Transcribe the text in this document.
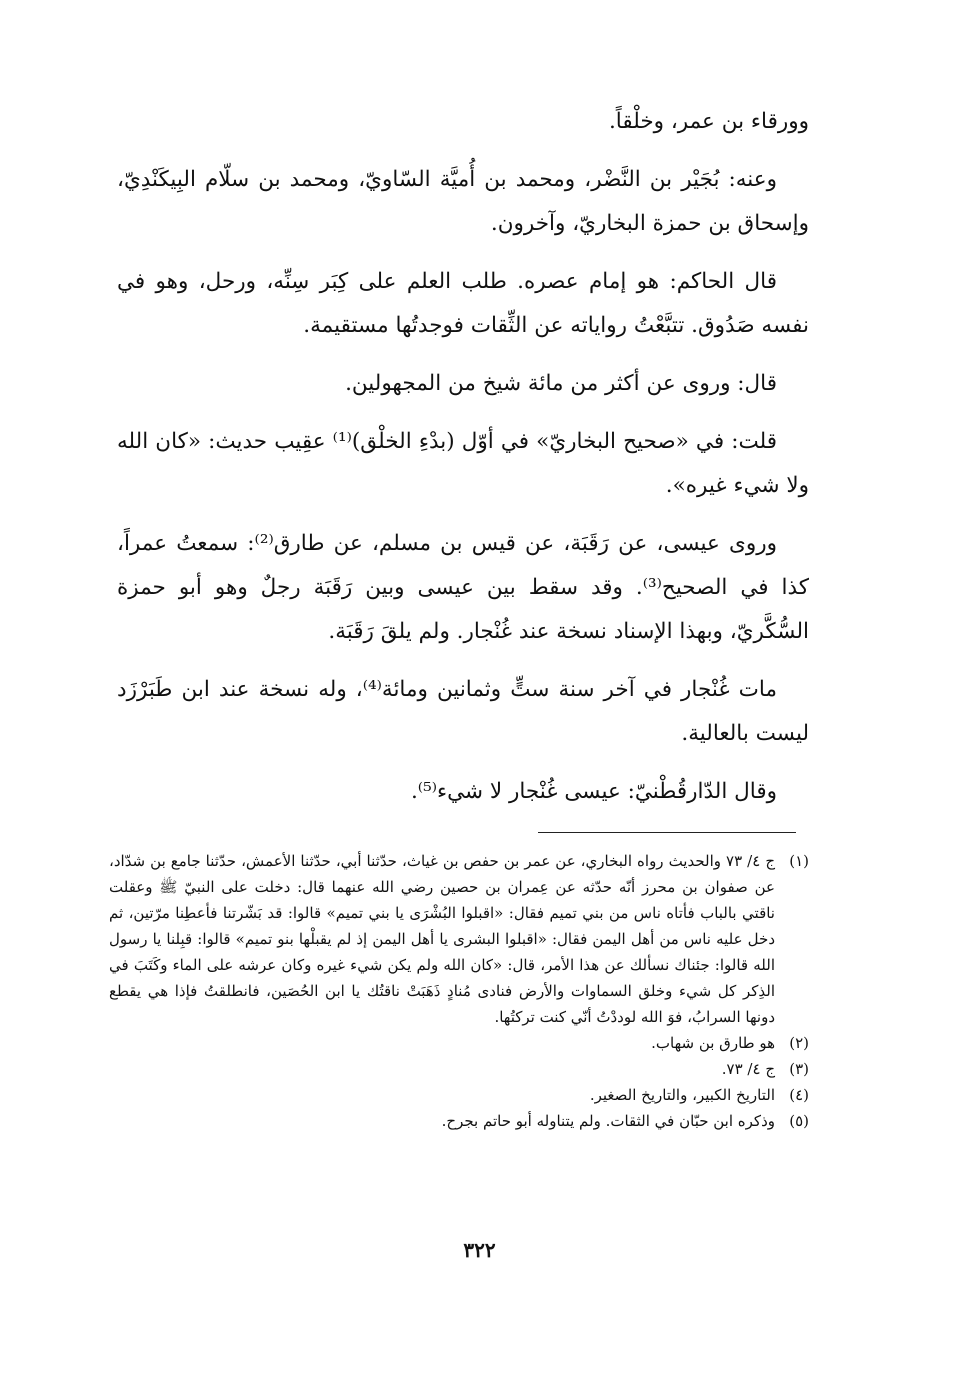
وورقاء بن عمر، وخلْقاً.

وعنه: بُجَيْر بن النَّضْر، ومحمد بن أُميَّة السّاويّ، ومحمد بن سلّام البِيكَنْدِيّ، وإسحاق بن حمزة البخاريّ، وآخرون.

قال الحاكم: هو إمام عصره. طلب العلم على كِبَر سِنِّه، ورحل، وهو في نفسه صَدُوق. تتبَّعْتُ رواياته عن الثِّقات فوجدتُها مستقيمة.

قال: وروى عن أكثر من مائة شيخ من المجهولين.

قلت: في «صحيح البخاريّ» في أوّل (بدْءِ الخلْق)⁽¹⁾ عقِيب حديث: «كان الله ولا شيء غيره».

وروى عيسى، عن رَقَبَة، عن قيس بن مسلم، عن طارق⁽²⁾: سمعتُ عمراً، كذا في الصحيح⁽³⁾. وقد سقط بين عيسى وبين رَقَبَة رجلٌ وهو أبو حمزة السُّكَّريّ، وبهذا الإسناد نسخة عند غُنْجار. ولم يلقَ رَقَبَة.

مات غُنْجار في آخر سنة ستٍّ وثمانين ومائة⁽⁴⁾، وله نسخة عند ابن طَبَرْزَد ليست بالعالية.

وقال الدّارقُطْنيّ: عيسى غُنْجار لا شيء⁽⁵⁾.

(١)
ج ٤/ ٧٣ والحديث رواه البخاري، عن عمر بن حفص بن غياث، حدّثنا أبي، حدّثنا الأعمش، حدّثنا جامع بن شدّاد، عن صفوان بن محرز أنّه حدّثه عن عِمران بن حصين رضي الله عنهما قال: دخلت على النبيّ ﷺ وعقلت ناقتي بالباب فأتاه ناس من بني تميم فقال: «اقبلوا البُشْرَى يا بني تميم» قالوا: قد بَشّرتنا فأعطِنا مرّتين، ثم دخل عليه ناس من أهل اليمن فقال: «اقبلوا البشرى يا أهل اليمن إذ لم يقبلْها بنو تميم» قالوا: قبِلنا يا رسول الله قالوا: جئناك نسألك عن هذا الأمر، قال: «كان الله ولم يكن شيء غيره وكان عرشه على الماء وكَتَبَ في الذِكر كل شيء وخلق السماوات والأرض فنادى مُنادٍ ذَهَبَتْ ناقتُك يا ابن الحُصَين، فانطلقتُ فإذا هي يقطع دونها السرابُ، فوَ الله لوددْتُ أنّي كنت تركتُها.
(٢)
هو طارق بن شهاب.
(٣)
ج ٤/ ٧٣.
(٤)
التاريخ الكبير، والتاريخ الصغير.
(٥)
وذكره ابن حبّان في الثقات. ولم يتناوله أبو حاتم بجرح.
٣٢٢
